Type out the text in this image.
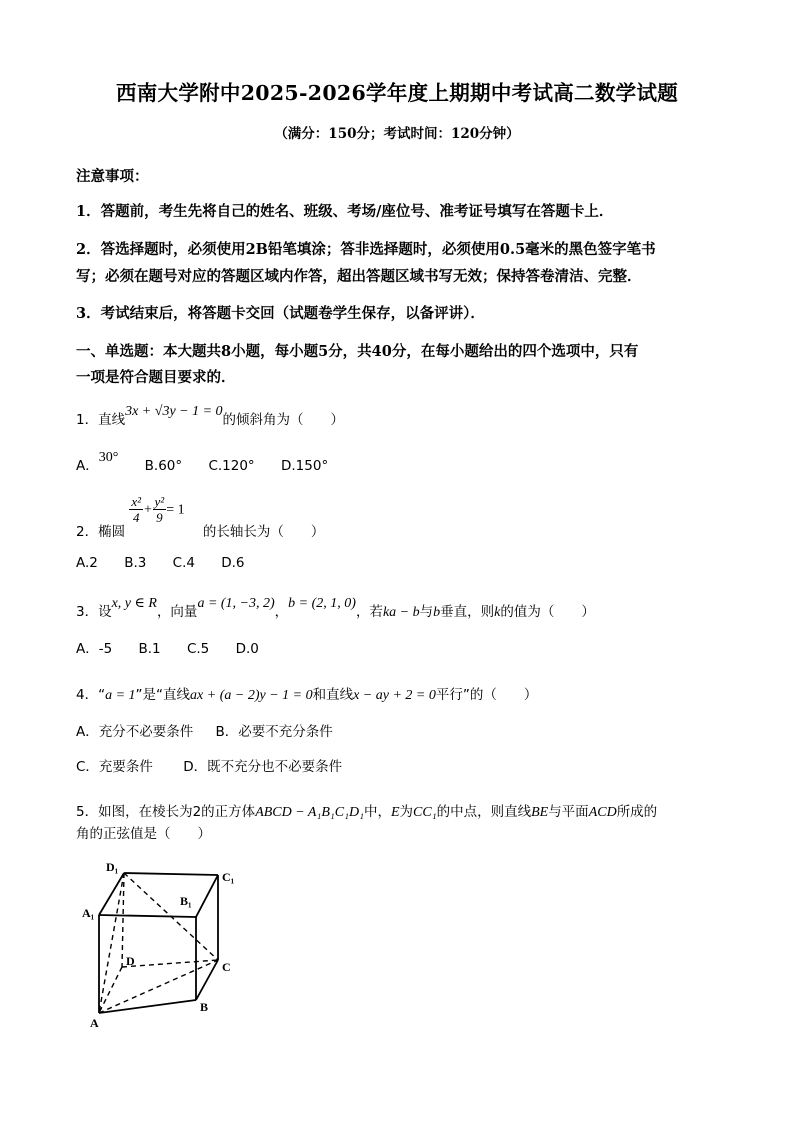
西南大学附中2025-2026学年度上期期中考试高二数学试题
（满分：150分；考试时间：120分钟）
注意事项：
1．答题前，考生先将自己的姓名、班级、考场/座位号、准考证号填写在答题卡上．
2．答选择题时，必须使用2B铅笔填涂；答非选择题时，必须使用0.5毫米的黑色签字笔书
写；必须在题号对应的答题区域内作答，超出答题区域书写无效；保持答卷清洁、完整．
3．考试结束后，将答题卡交回（试题卷学生保存，以备评讲）．
一、单选题：本大题共8小题，每小题5分，共40分，在每小题给出的四个选项中，只有
一项是符合题目要求的．
1．直线3x + √3y − 1 = 0的倾斜角为（　　）
A．30° B.60° C.120° D.150°
2．椭圆
$\frac{\text{x²}}{4} + \frac{\text{y²}}{9} = 1$ 的长轴长为（　　）
A.2 B.3 C.4 D.6
3．设x, y ∈ R，向量a = (1, −3, 2)，b = (2, 1, 0)，若ka − b与b垂直，则k的值为（　　）
A．-5 B.1 C.5 D.0
4．“a = 1”是“直线ax + (a − 2)y − 1 = 0和直线x − ay + 2 = 0平行”的（　　）
A．充分不必要条件 B．必要不充分条件
C．充要条件 D．既不充分也不必要条件
5．如图，在棱长为2的正方体ABCD − A₁B₁C₁D₁中，E为CC₁的中点，则直线BE与平面ACD所成的
角的正弦值是（　　）
D₁
C₁
A₁
B₁
D	C
A
B
